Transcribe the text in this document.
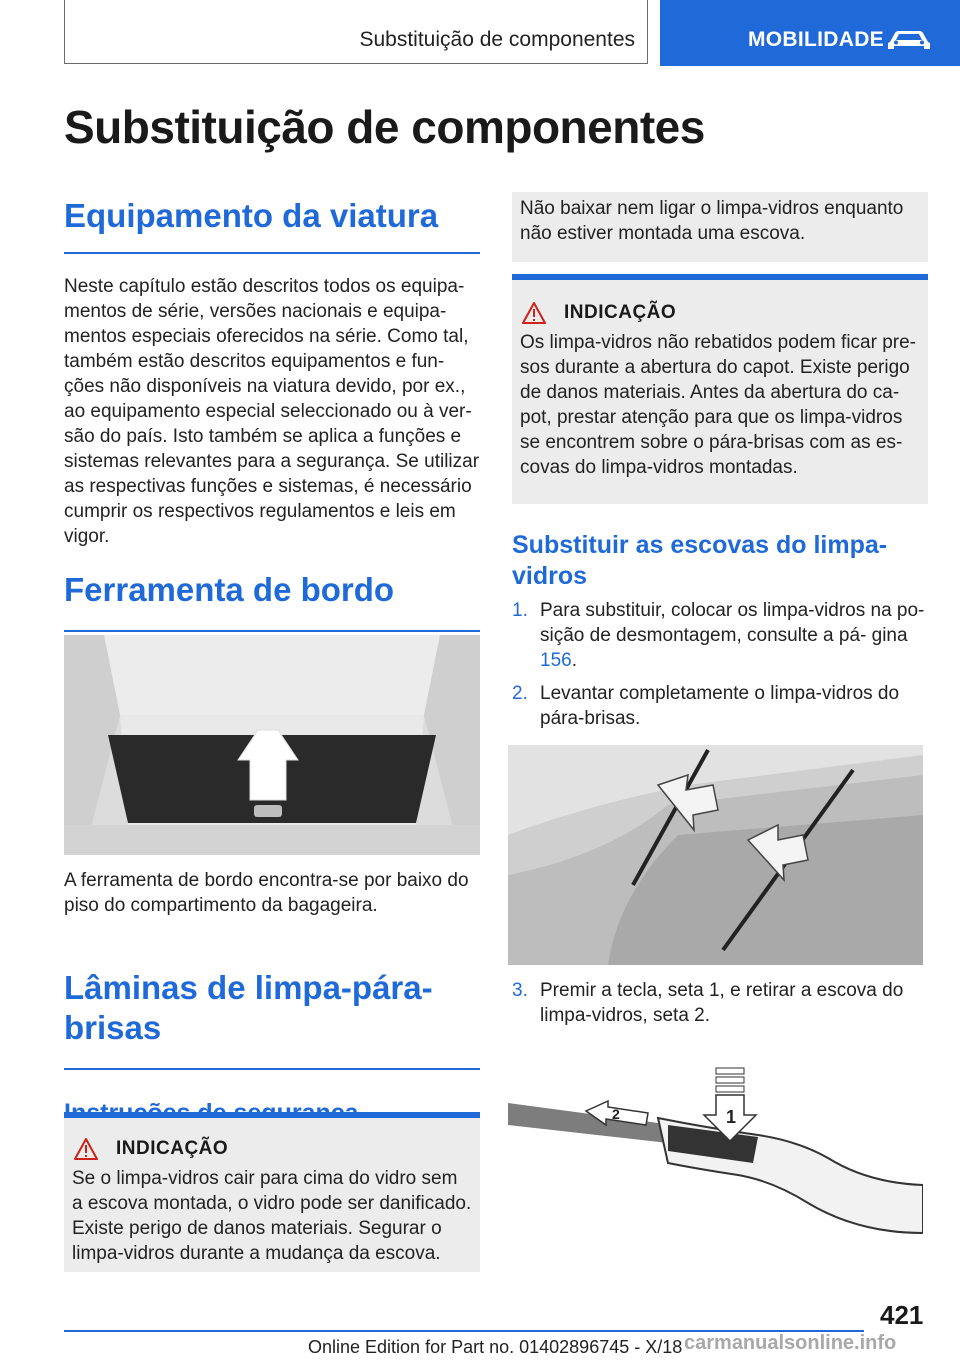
Substituição de componentes	MOBILIDADE
Substituição de componentes
Equipamento da viatura

Neste capítulo estão descritos todos os equipa- mentos de série, versões nacionais e equipa- mentos especiais oferecidos na série. Como tal, também estão descritos equipamentos e fun- ções não disponíveis na viatura devido, por ex., ao equipamento especial seleccionado ou à ver- são do país. Isto também se aplica a funções e sistemas relevantes para a segurança. Se utilizar as respectivas funções e sistemas, é necessário cumprir os respectivos regulamentos e leis em vigor.

Ferramenta de bordo

A ferramenta de bordo encontra-se por baixo do piso do compartimento da bagageira.

Lâminas de limpa-pára-brisas
INDICAÇÃO

Se o limpa-vidros cair para cima do vidro sem a escova montada, o vidro pode ser danificado. Existe perigo de danos materiais. Segurar o limpa-vidros durante a mudança da escova.

Não baixar nem ligar o limpa-vidros enquanto não estiver montada uma escova.

INDICAÇÃO

Os limpa-vidros não rebatidos podem ficar pre- sos durante a abertura do capot. Existe perigo de danos materiais. Antes da abertura do ca- pot, prestar atenção para que os limpa-vidros se encontrem sobre o pára-brisas com as es- covas do limpa-vidros montadas.

Substituir as escovas do limpa-vidros
1. Para substituir, colocar os limpa-vidros na po- sição de desmontagem, consulte a pá- gina 156.
2. Levantar completamente o limpa-vidros do pára-brisas.
3. Premir a tecla, seta 1, e retirar a escova do limpa-vidros, seta 2.
1
2
421
Online Edition for Part no. 01402896745 - X/18 carmanualsonline.info
